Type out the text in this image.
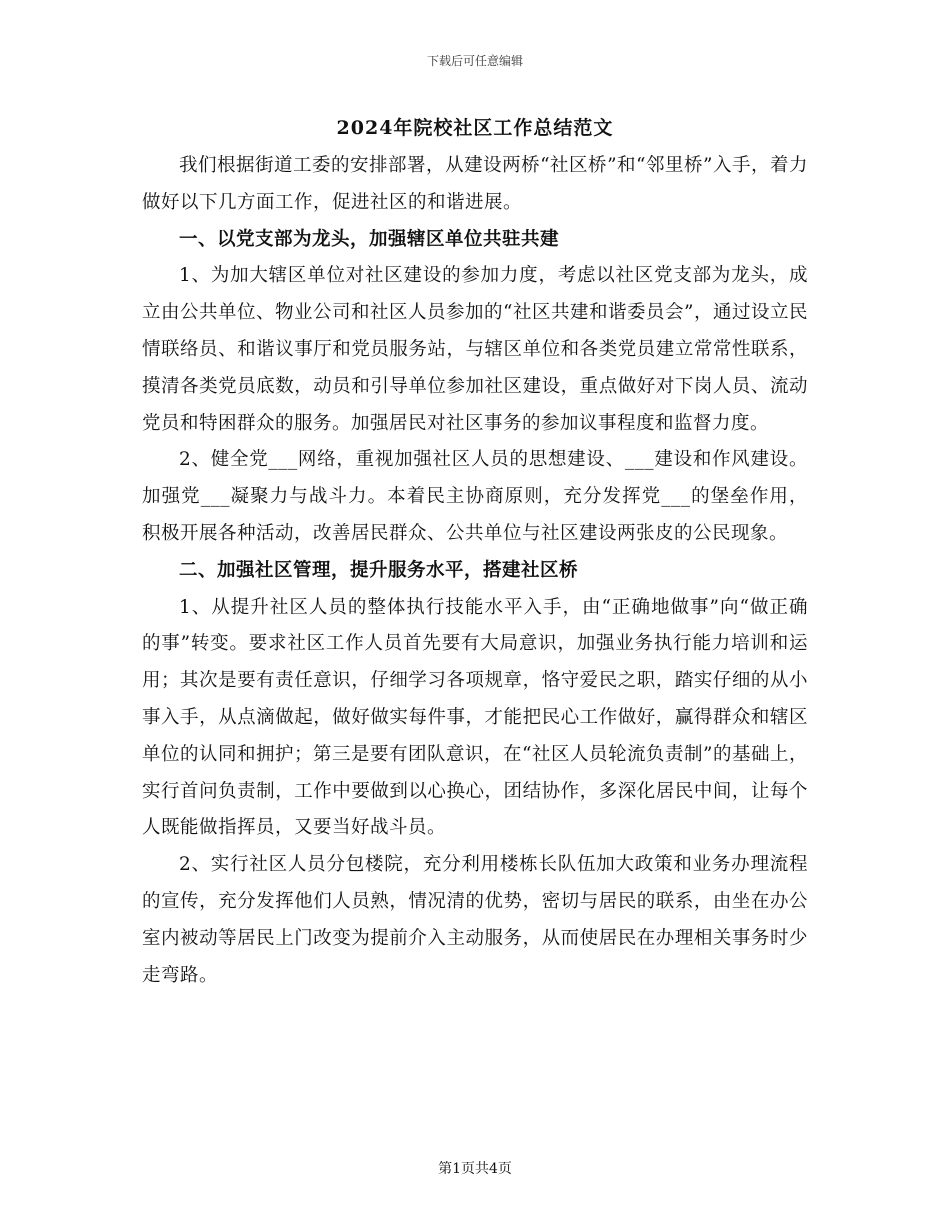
下载后可任意编辑
2024年院校社区工作总结范文

我们根据街道工委的安排部署，从建设两桥“社区桥”和“邻里桥”入手，着力做好以下几方面工作，促进社区的和谐进展。

一、以党支部为龙头，加强辖区单位共驻共建

1、为加大辖区单位对社区建设的参加力度，考虑以社区党支部为龙头，成立由公共单位、物业公司和社区人员参加的“社区共建和谐委员会”，通过设立民情联络员、和谐议事厅和党员服务站，与辖区单位和各类党员建立常常性联系，摸清各类党员底数，动员和引导单位参加社区建设，重点做好对下岗人员、流动党员和特困群众的服务。加强居民对社区事务的参加议事程度和监督力度。

2、健全党___网络，重视加强社区人员的思想建设、___建设和作风建设。加强党___凝聚力与战斗力。本着民主协商原则，充分发挥党___的堡垒作用，积极开展各种活动，改善居民群众、公共单位与社区建设两张皮的公民现象。

二、加强社区管理，提升服务水平，搭建社区桥

1、从提升社区人员的整体执行技能水平入手，由“正确地做事”向“做正确的事”转变。要求社区工作人员首先要有大局意识，加强业务执行能力培训和运用；其次是要有责任意识，仔细学习各项规章，恪守爱民之职，踏实仔细的从小事入手，从点滴做起，做好做实每件事，才能把民心工作做好，赢得群众和辖区单位的认同和拥护；第三是要有团队意识，在“社区人员轮流负责制”的基础上，实行首问负责制，工作中要做到以心换心，团结协作，多深化居民中间，让每个人既能做指挥员，又要当好战斗员。

2、实行社区人员分包楼院，充分利用楼栋长队伍加大政策和业务办理流程的宣传，充分发挥他们人员熟，情况清的优势，密切与居民的联系，由坐在办公室内被动等居民上门改变为提前介入主动服务，从而使居民在办理相关事务时少走弯路。

第1页共4页
